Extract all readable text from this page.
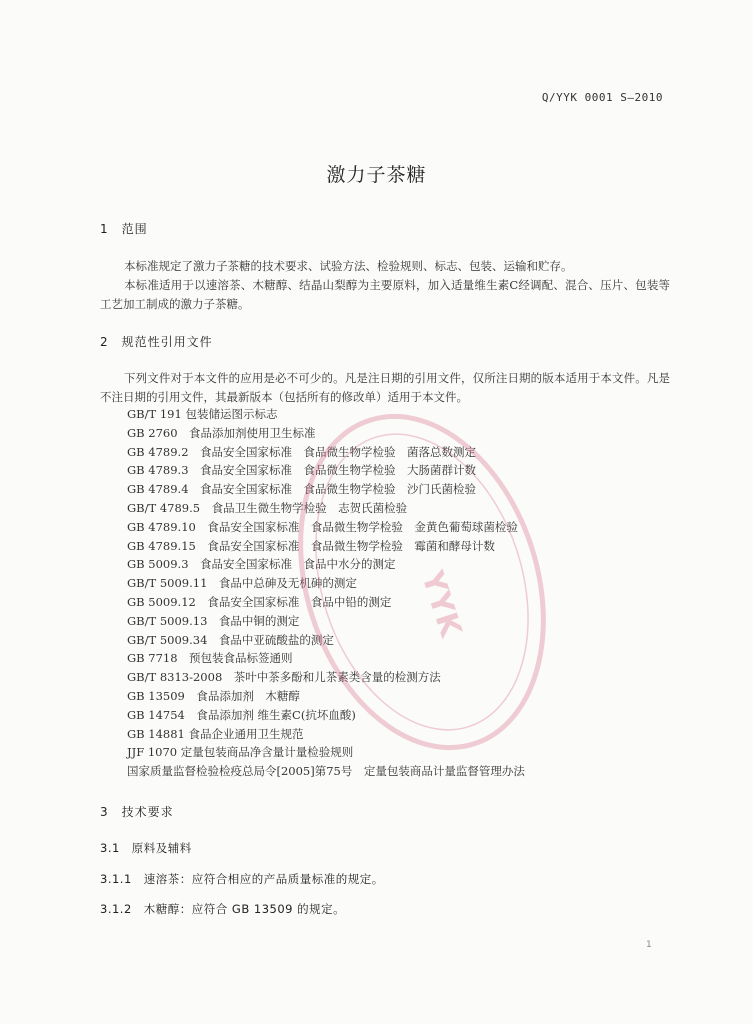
Q/YYK 0001 S—2010
激力子茶糖
1　范围
本标准规定了激力子茶糖的技术要求、试验方法、检验规则、标志、包装、运输和贮存。
本标准适用于以速溶茶、木糖醇、结晶山梨醇为主要原料，加入适量维生素C经调配、混合、压片、包装等工艺加工制成的激力子茶糖。
2　规范性引用文件
下列文件对于本文件的应用是必不可少的。凡是注日期的引用文件，仅所注日期的版本适用于本文件。凡是不注日期的引用文件，其最新版本（包括所有的修改单）适用于本文件。
GB/T 191 包装储运图示标志
GB 2760　食品添加剂使用卫生标准
GB 4789.2　食品安全国家标准　食品微生物学检验　菌落总数测定
GB 4789.3　食品安全国家标准　食品微生物学检验　大肠菌群计数
GB 4789.4　食品安全国家标准　食品微生物学检验　沙门氏菌检验
GB/T 4789.5　食品卫生微生物学检验　志贺氏菌检验
GB 4789.10　食品安全国家标准　食品微生物学检验　金黄色葡萄球菌检验
GB 4789.15　食品安全国家标准　食品微生物学检验　霉菌和酵母计数
GB 5009.3　食品安全国家标准　食品中水分的测定
GB/T 5009.11　食品中总砷及无机砷的测定
GB 5009.12　食品安全国家标准　食品中铅的测定
GB/T 5009.13　食品中铜的测定
GB/T 5009.34　食品中亚硫酸盐的测定
GB 7718　预包装食品标签通则
GB/T 8313-2008　茶叶中茶多酚和儿茶素类含量的检测方法
GB 13509　食品添加剂　木糖醇
GB 14754　食品添加剂 维生素C(抗坏血酸)
GB 14881 食品企业通用卫生规范
JJF 1070 定量包装商品净含量计量检验规则
国家质量监督检验检疫总局令[2005]第75号　定量包装商品计量监督管理办法
3　技术要求
3.1　原料及辅料
3.1.1　速溶茶：应符合相应的产品质量标准的规定。
3.1.2　木糖醇：应符合 GB 13509 的规定。
1
YYK
